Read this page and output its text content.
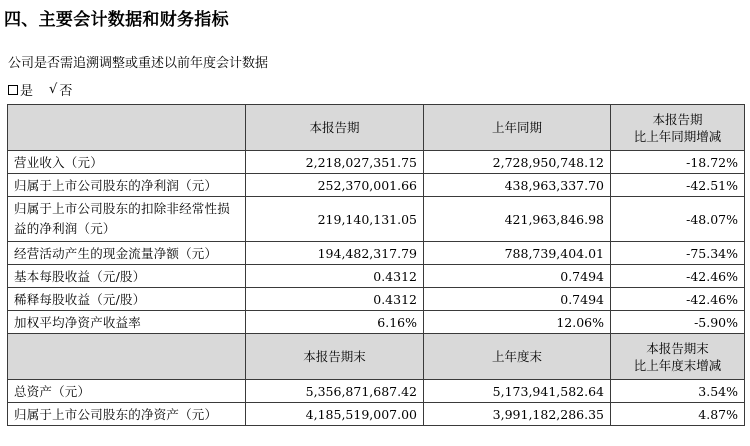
四、主要会计数据和财务指标
公司是否需追溯调整或重述以前年度会计数据
是 √ 否
	本报告期	上年同期	本报告期
比上年同期增减

营业收入（元）	2,218,027,351.75	2,728,950,748.12	-18.72%
归属于上市公司股东的净利润（元）	252,370,001.66	438,963,337.70	-42.51%
归属于上市公司股东的扣除非经常性损益的净利润（元）	219,140,131.05	421,963,846.98	-48.07%
经营活动产生的现金流量净额（元）	194,482,317.79	788,739,404.01	-75.34%
基本每股收益（元/股）	0.4312	0.7494	-42.46%
稀释每股收益（元/股）	0.4312	0.7494	-42.46%
加权平均净资产收益率	6.16%	12.06%	-5.90%
	本报告期末	上年度末	本报告期末
比上年度末增减

总资产（元）	5,356,871,687.42	5,173,941,582.64	3.54%
归属于上市公司股东的净资产（元）	4,185,519,007.00	3,991,182,286.35	4.87%
